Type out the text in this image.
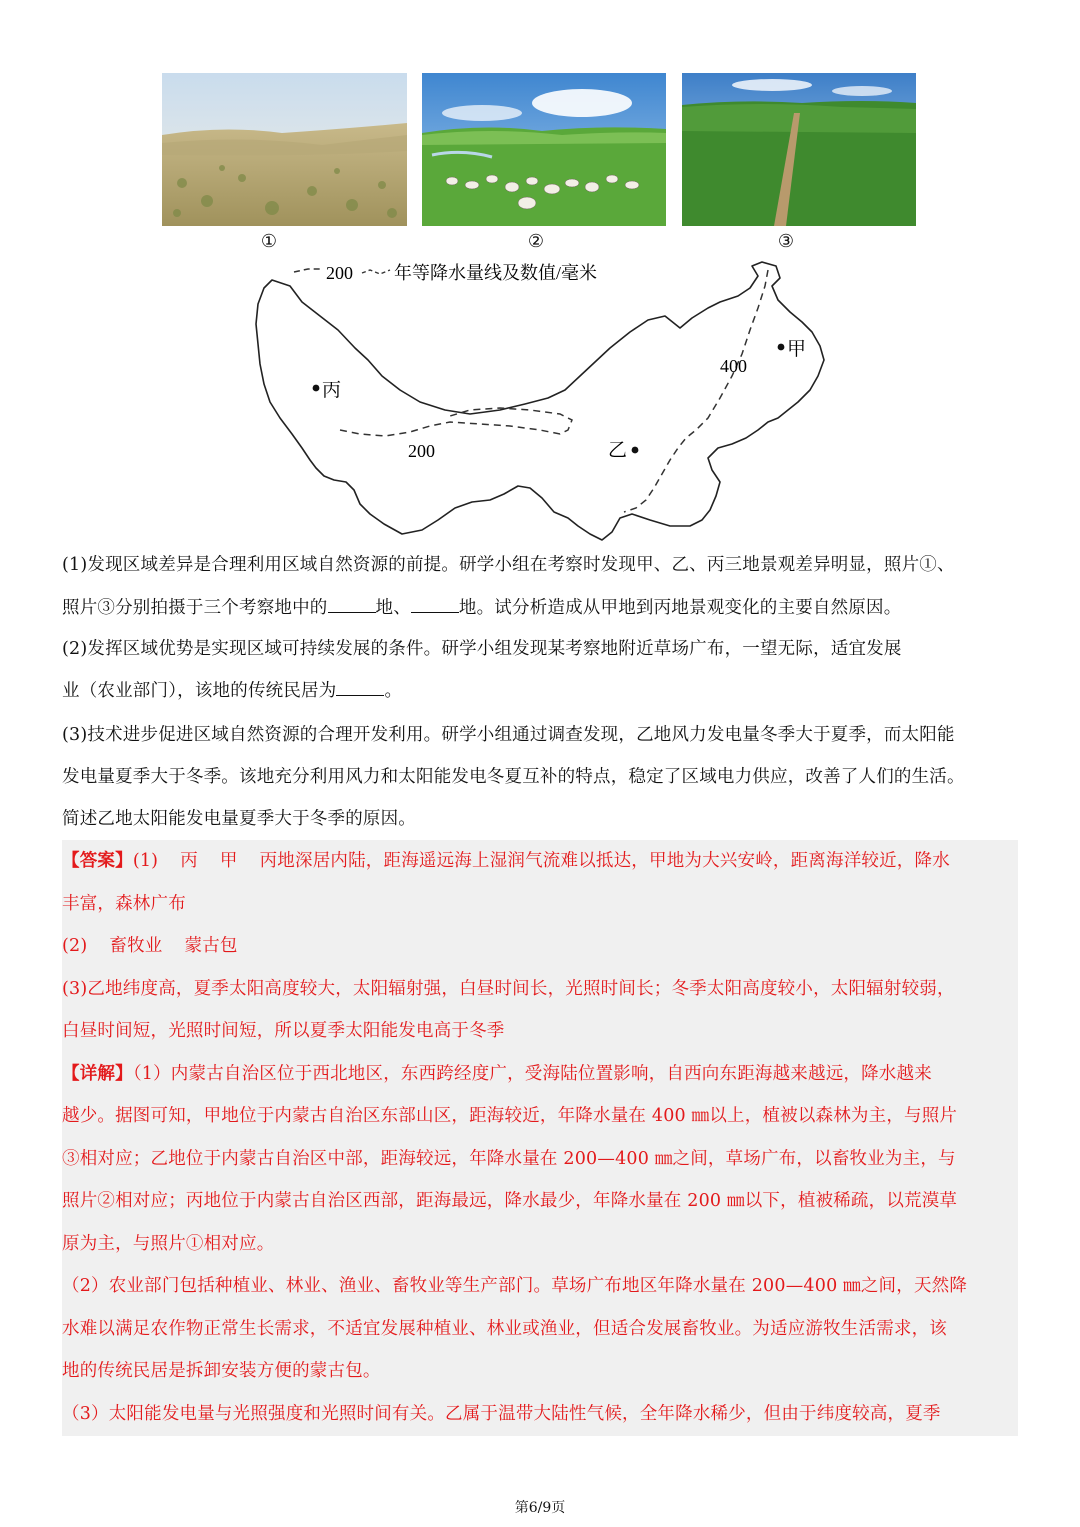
①	②	③
200 年等降水量线及数值/毫米
400
200
甲
乙
丙

(1)发现区域差异是合理利用区域自然资源的前提。研学小组在考察时发现甲、乙、丙三地景观差异明显，照片①、

照片③分别拍摄于三个考察地中的	地、	地。试分析造成从甲地到丙地景观变化的主要自然原因。

(2)发挥区域优势是实现区域可持续发展的条件。研学小组发现某考察地附近草场广布，一望无际，适宜发展

业（农业部门），该地的传统民居为	。

(3)技术进步促进区域自然资源的合理开发利用。研学小组通过调查发现，乙地风力发电量冬季大于夏季，而太阳能

发电量夏季大于冬季。该地充分利用风力和太阳能发电冬夏互补的特点，稳定了区域电力供应，改善了人们的生活。

简述乙地太阳能发电量夏季大于冬季的原因。

【答案】(1) 丙 甲 丙地深居内陆，距海遥远海上湿润气流难以抵达，甲地为大兴安岭，距离海洋较近，降水

丰富，森林广布

(2) 畜牧业 蒙古包

(3)乙地纬度高，夏季太阳高度较大，太阳辐射强，白昼时间长，光照时间长；冬季太阳高度较小，太阳辐射较弱，

白昼时间短，光照时间短，所以夏季太阳能发电高于冬季

【详解】（1）内蒙古自治区位于西北地区，东西跨经度广，受海陆位置影响，自西向东距海越来越远，降水越来

越少。据图可知，甲地位于内蒙古自治区东部山区，距海较近，年降水量在 400 ㎜以上，植被以森林为主，与照片

③相对应；乙地位于内蒙古自治区中部，距海较远，年降水量在 200—400 ㎜之间，草场广布，以畜牧业为主，与

照片②相对应；丙地位于内蒙古自治区西部，距海最远，降水最少，年降水量在 200 ㎜以下，植被稀疏，以荒漠草

原为主，与照片①相对应。

（2）农业部门包括种植业、林业、渔业、畜牧业等生产部门。草场广布地区年降水量在 200—400 ㎜之间，天然降

水难以满足农作物正常生长需求，不适宜发展种植业、林业或渔业，但适合发展畜牧业。为适应游牧生活需求，该

地的传统民居是拆卸安装方便的蒙古包。

（3）太阳能发电量与光照强度和光照时间有关。乙属于温带大陆性气候，全年降水稀少，但由于纬度较高，夏季

第6/9页
